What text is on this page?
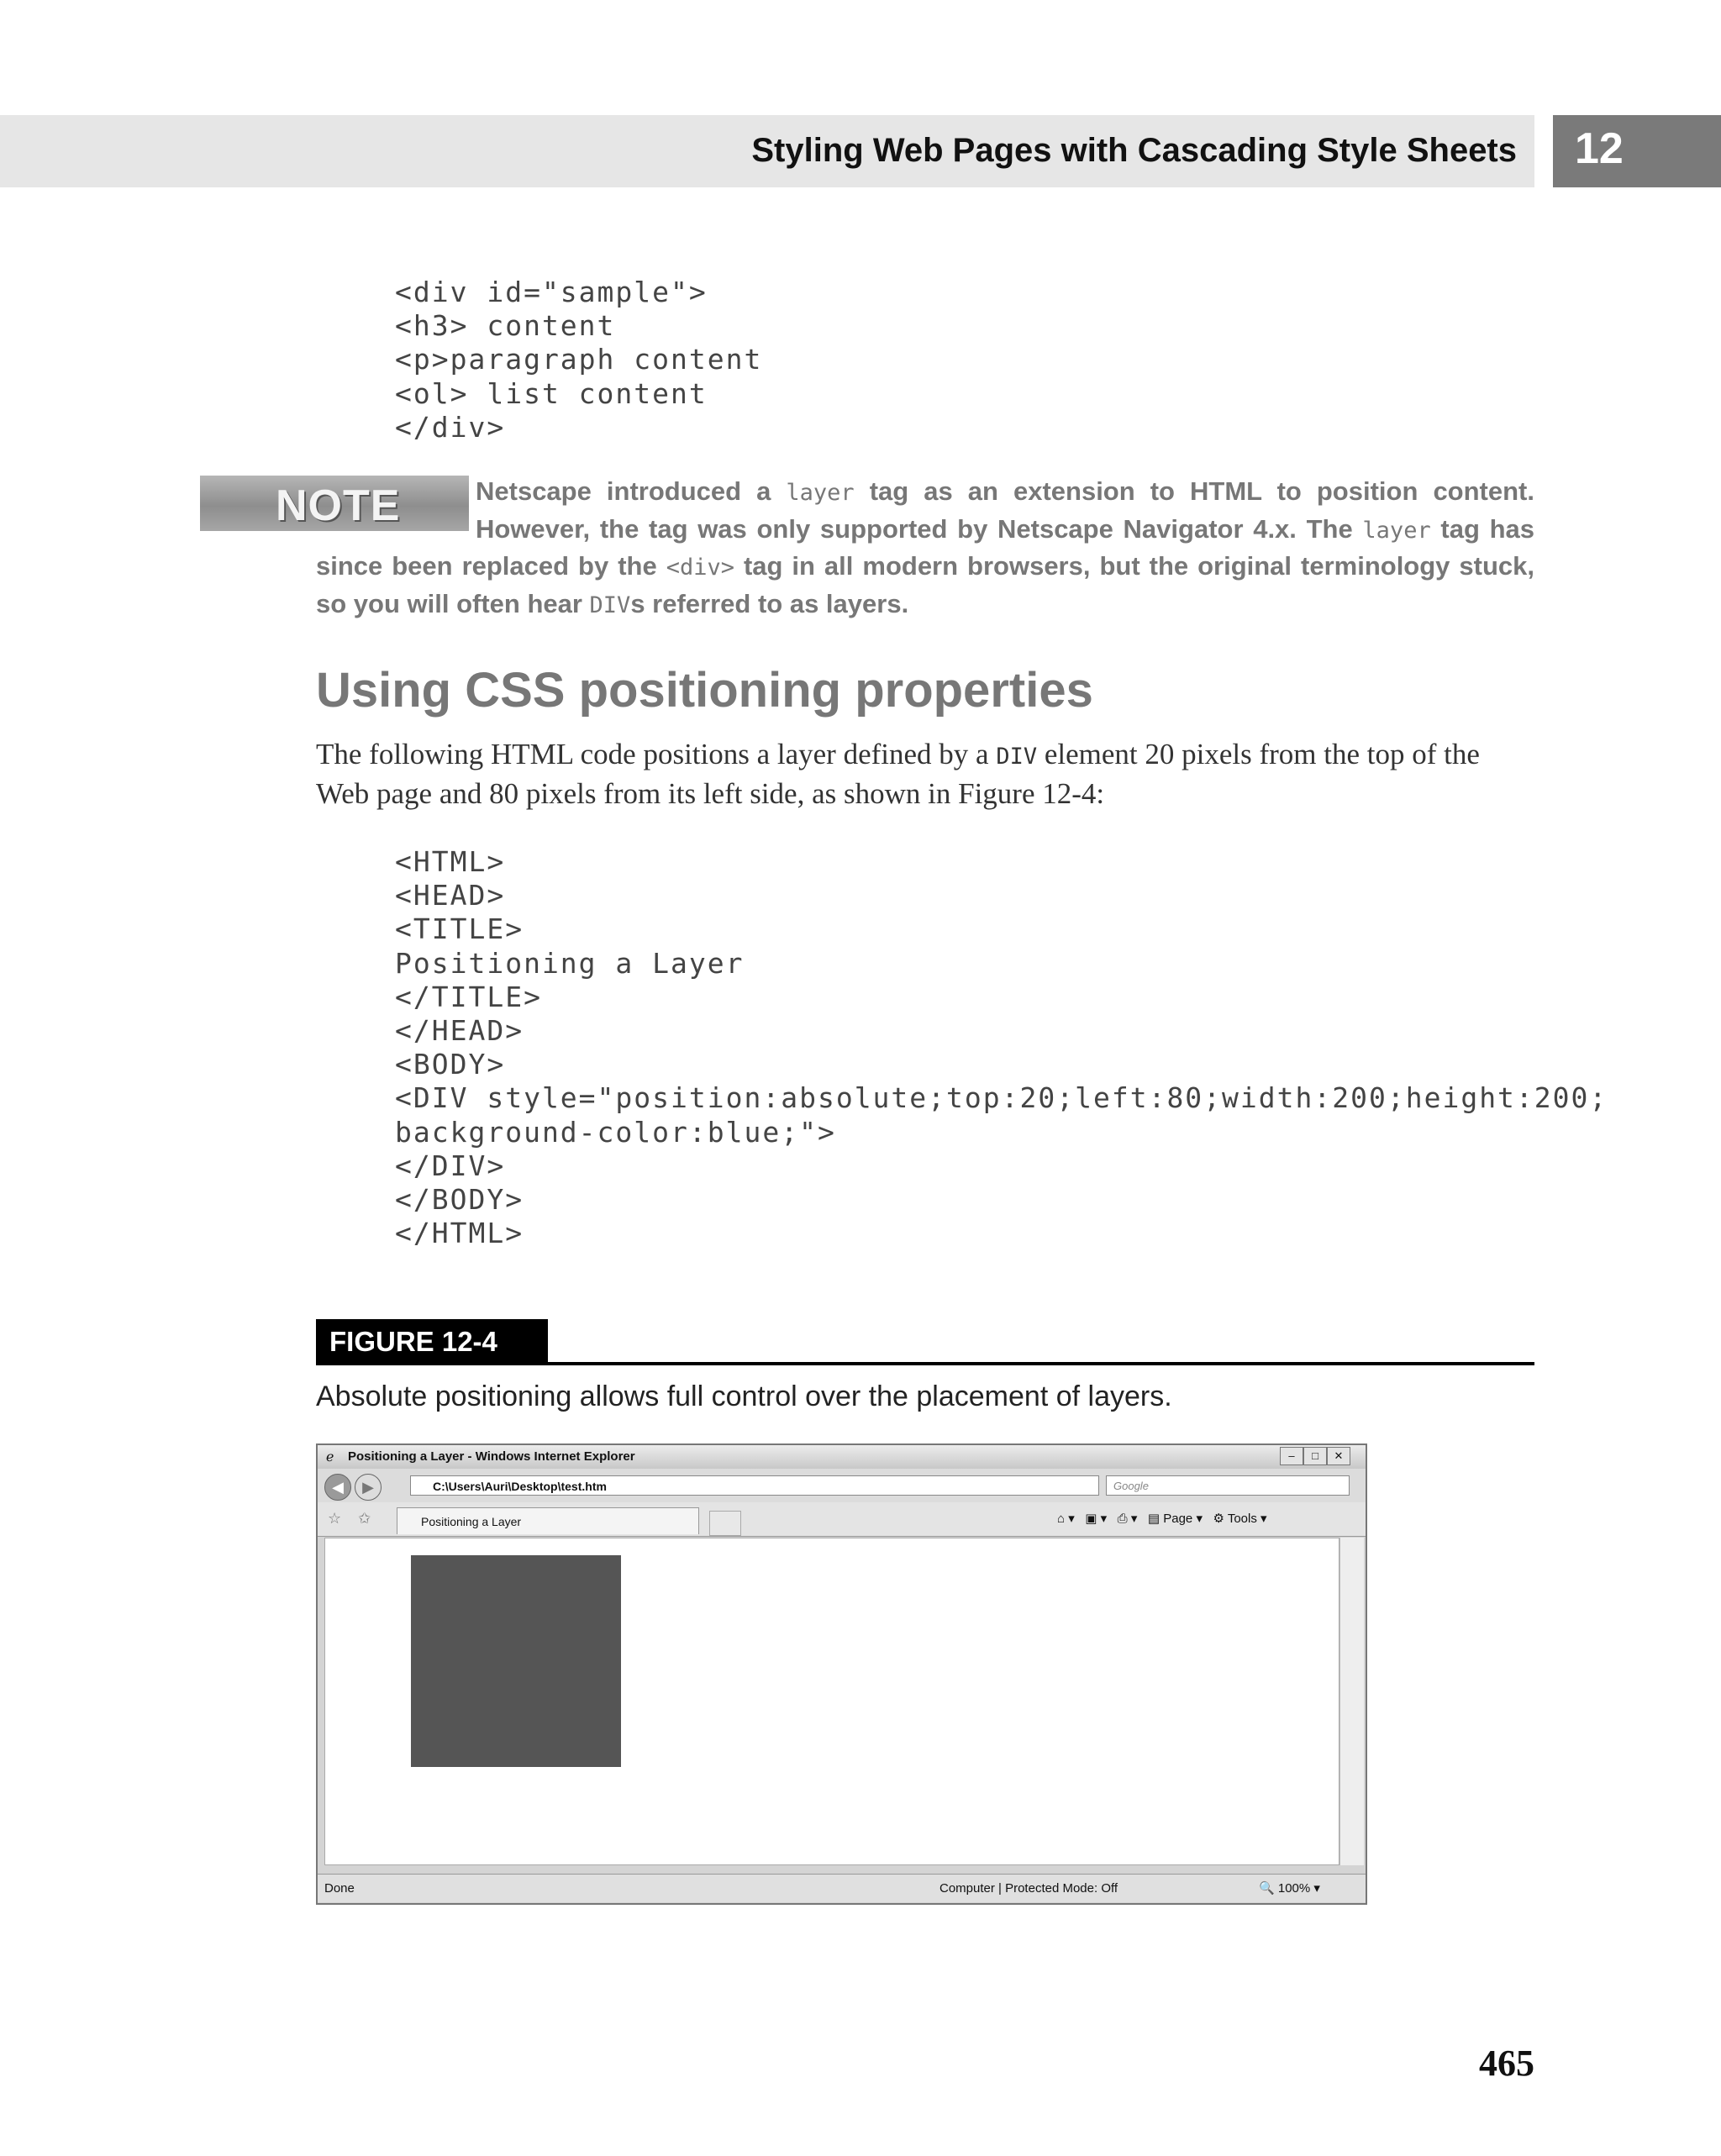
Styling Web Pages with Cascading Style Sheets 12
<div id="sample">
<h3> content
<p>paragraph content
<ol> list content
</div>
NOTE	Netscape introduced a layer tag as an extension to HTML to position content. However, the tag was only supported by Netscape Navigator 4.x. The layer tag has since been replaced by the <div> tag in all modern browsers, but the original terminology stuck, so you will often hear DIVs referred to as layers.
Using CSS positioning properties
The following HTML code positions a layer defined by a DIV element 20 pixels from the top of the Web page and 80 pixels from its left side, as shown in Figure 12-4:
<HTML>
<HEAD>
<TITLE>
Positioning a Layer
</TITLE>
</HEAD>
<BODY>
<DIV style="position:absolute;top:20;left:80;width:200;height:200;
background-color:blue;">
</DIV>
</BODY>
</HTML>
FIGURE 12-4
Absolute positioning allows full control over the placement of layers.
ℯ Positioning a Layer - Windows Internet Explorer	–	□	✕
◀	▶	C:\Users\Auri\Desktop\test.htm	Google
☆ ✩	Positioning a Layer	⌂ ▾ ▣ ▾ ⎙ ▾ ▤ Page ▾ ⚙ Tools ▾
Done	Computer | Protected Mode: Off	🔍 100% ▾
465
